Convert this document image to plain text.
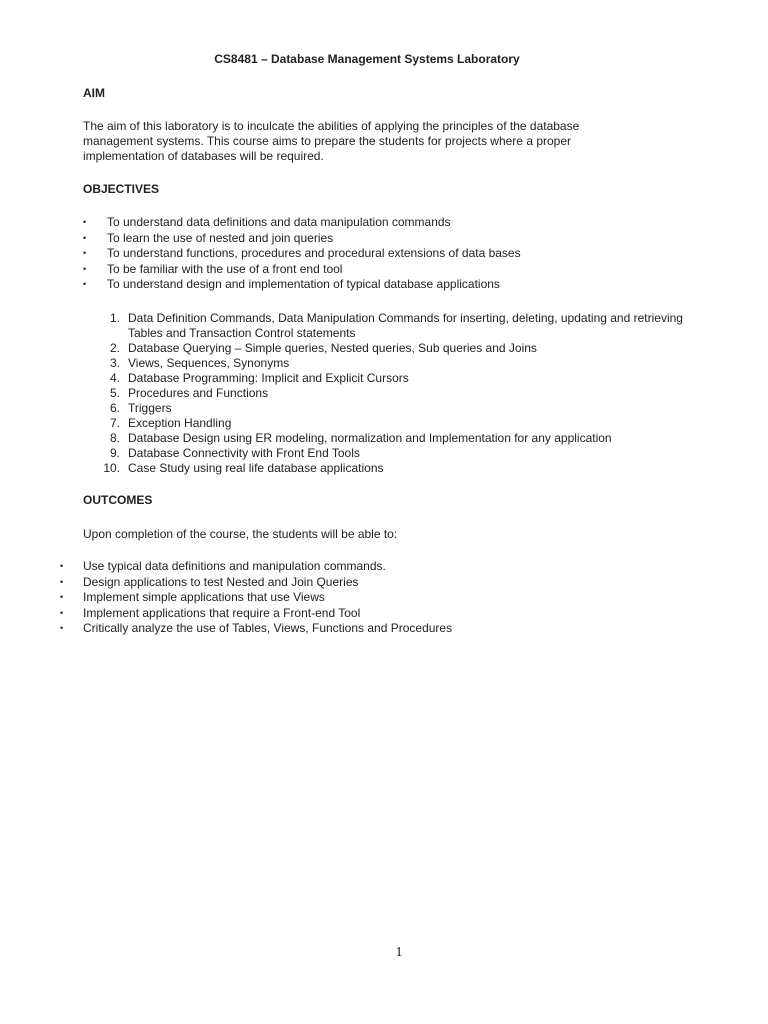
CS8481 – Database Management Systems Laboratory
AIM
The aim of this laboratory is to inculcate the abilities of applying the principles of the database
management systems. This course aims to prepare the students for projects where a proper
implementation of databases will be required.
OBJECTIVES
• To understand data definitions and data manipulation commands
• To learn the use of nested and join queries
• To understand functions, procedures and procedural extensions of data bases
• To be familiar with the use of a front end tool
• To understand design and implementation of typical database applications
1. Data Definition Commands, Data Manipulation Commands for inserting, deleting, updating and retrieving
Tables and Transaction Control statements
2. Database Querying – Simple queries, Nested queries, Sub queries and Joins
3. Views, Sequences, Synonyms
4. Database Programming: Implicit and Explicit Cursors
5. Procedures and Functions
6. Triggers
7. Exception Handling
8. Database Design using ER modeling, normalization and Implementation for any application
9. Database Connectivity with Front End Tools
10. Case Study using real life database applications
OUTCOMES
Upon completion of the course, the students will be able to:
• Use typical data definitions and manipulation commands.
• Design applications to test Nested and Join Queries
• Implement simple applications that use Views
• Implement applications that require a Front-end Tool
• Critically analyze the use of Tables, Views, Functions and Procedures
1
